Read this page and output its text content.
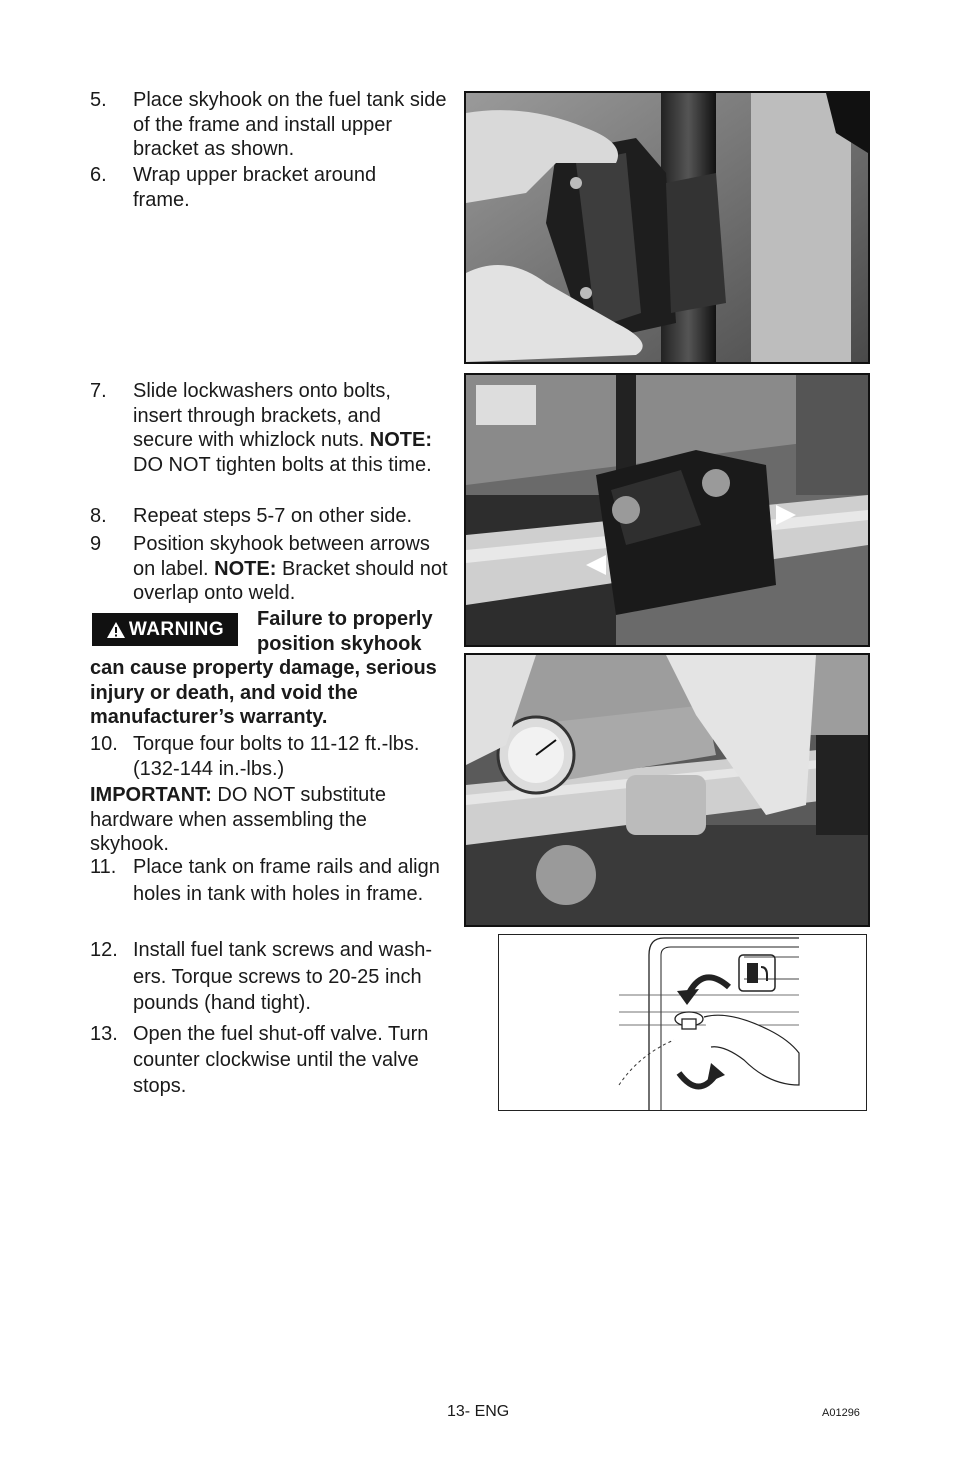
5. Place skyhook on the fuel tank side of the frame and install upper bracket as shown.
6. Wrap upper bracket around frame.
7. Slide lockwashers onto bolts, insert through brackets, and secure with whizlock nuts. NOTE: DO NOT tighten bolts at this time.
8. Repeat steps 5-7 on other side.
9 Position skyhook between arrows on label. NOTE: Bracket should not overlap onto weld.
WARNING Failure to properly position skyhook
can cause property damage, serious injury or death, and void the manufacturer’s warranty.
10. Torque four bolts to 11-12 ft.-lbs. (132-144 in.-lbs.)
IMPORTANT: DO NOT substitute hardware when assembling the skyhook.
11. Place tank on frame rails and align holes in tank with holes in frame.
12. Install fuel tank screws and wash-ers. Torque screws to 20-25 inch pounds (hand tight).
13. Open the fuel shut-off valve. Turn counter clockwise until the valve stops.
13- ENG	A01296
